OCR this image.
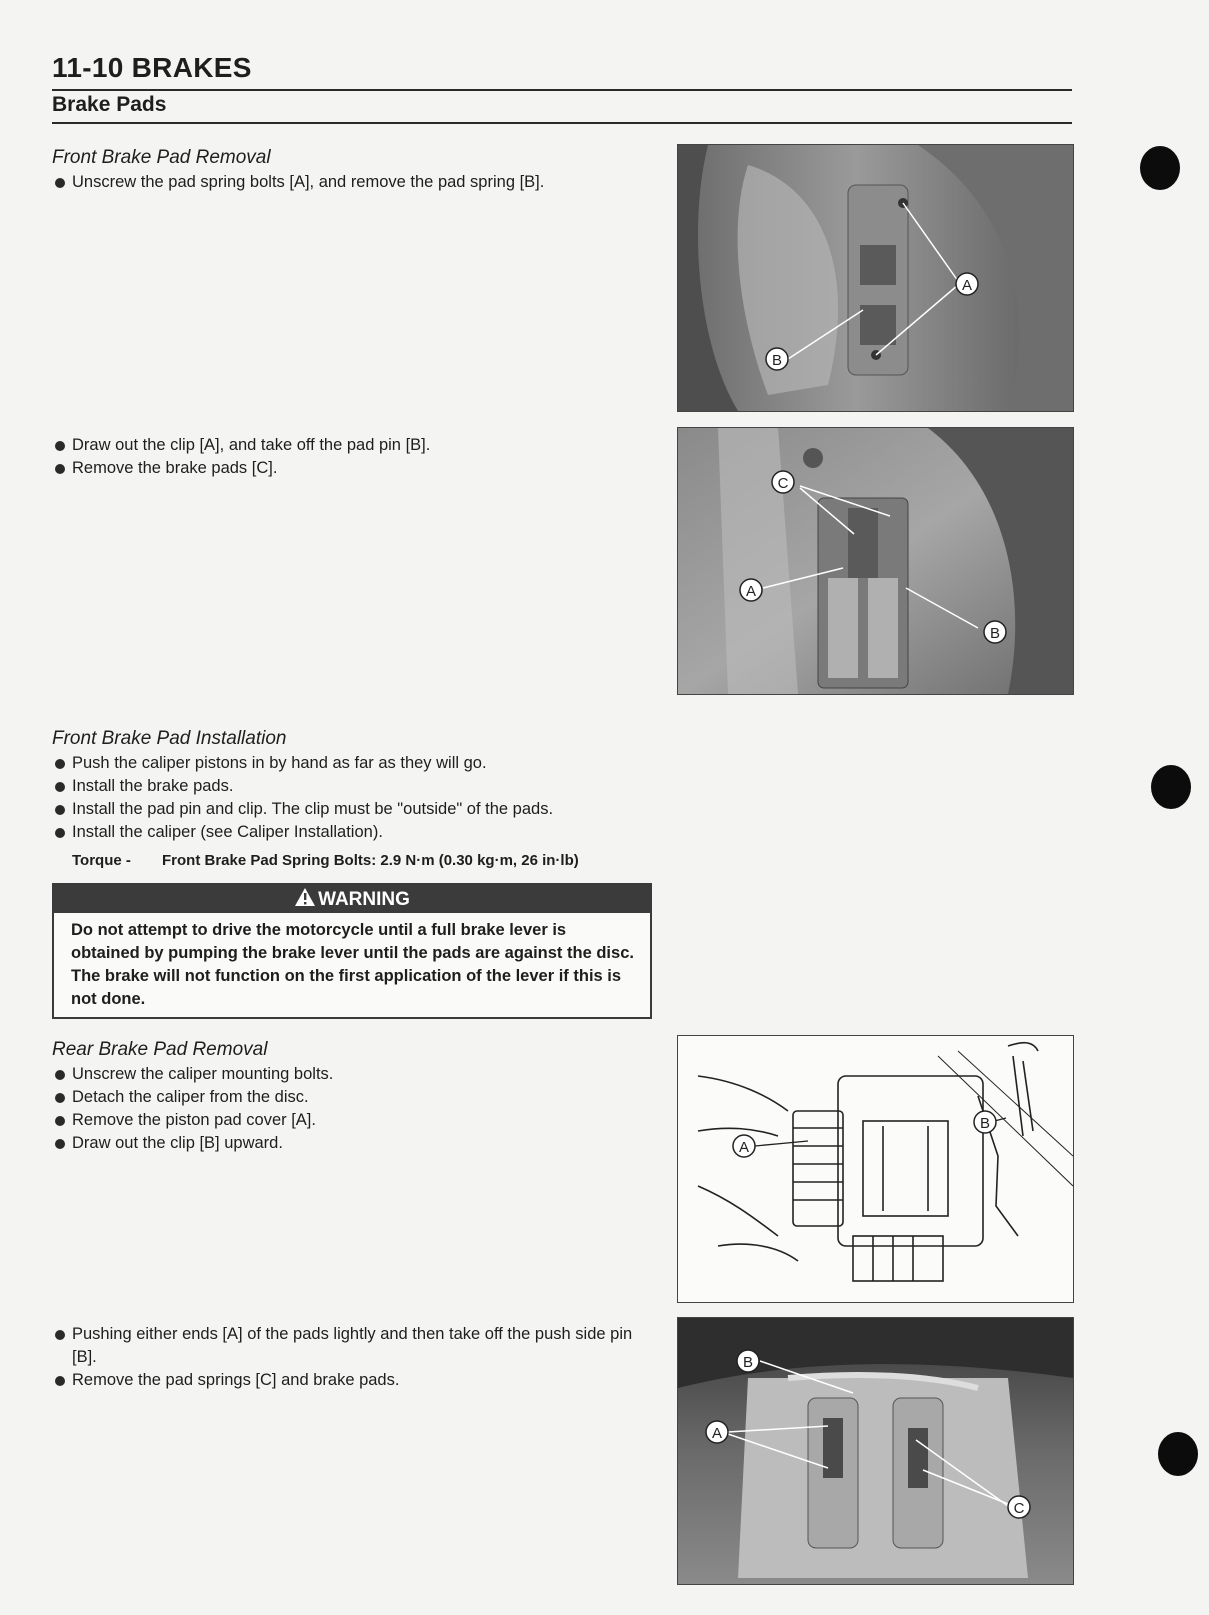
11-10 BRAKES
Brake Pads
Front Brake Pad Removal
Unscrew the pad spring bolts [A], and remove the pad spring [B].
Draw out the clip [A], and take off the pad pin [B].
Remove the brake pads [C].
Front Brake Pad Installation
Push the caliper pistons in by hand as far as they will go.
Install the brake pads.
Install the pad pin and clip. The clip must be "outside" of the pads.
Install the caliper (see Caliper Installation).
Torque - Front Brake Pad Spring Bolts: 2.9 N·m (0.30 kg·m, 26 in·lb)
WARNING
Do not attempt to drive the motorcycle until a full brake lever is obtained by pumping the brake lever until the pads are against the disc. The brake will not function on the first application of the lever if this is not done.
Rear Brake Pad Removal
Unscrew the caliper mounting bolts.
Detach the caliper from the disc.
Remove the piston pad cover [A].
Draw out the clip [B] upward.
Pushing either ends [A] of the pads lightly and then take off the push side pin [B].
Remove the pad springs [C] and brake pads.
A
B
C
A
B
A
B
B
A
C
